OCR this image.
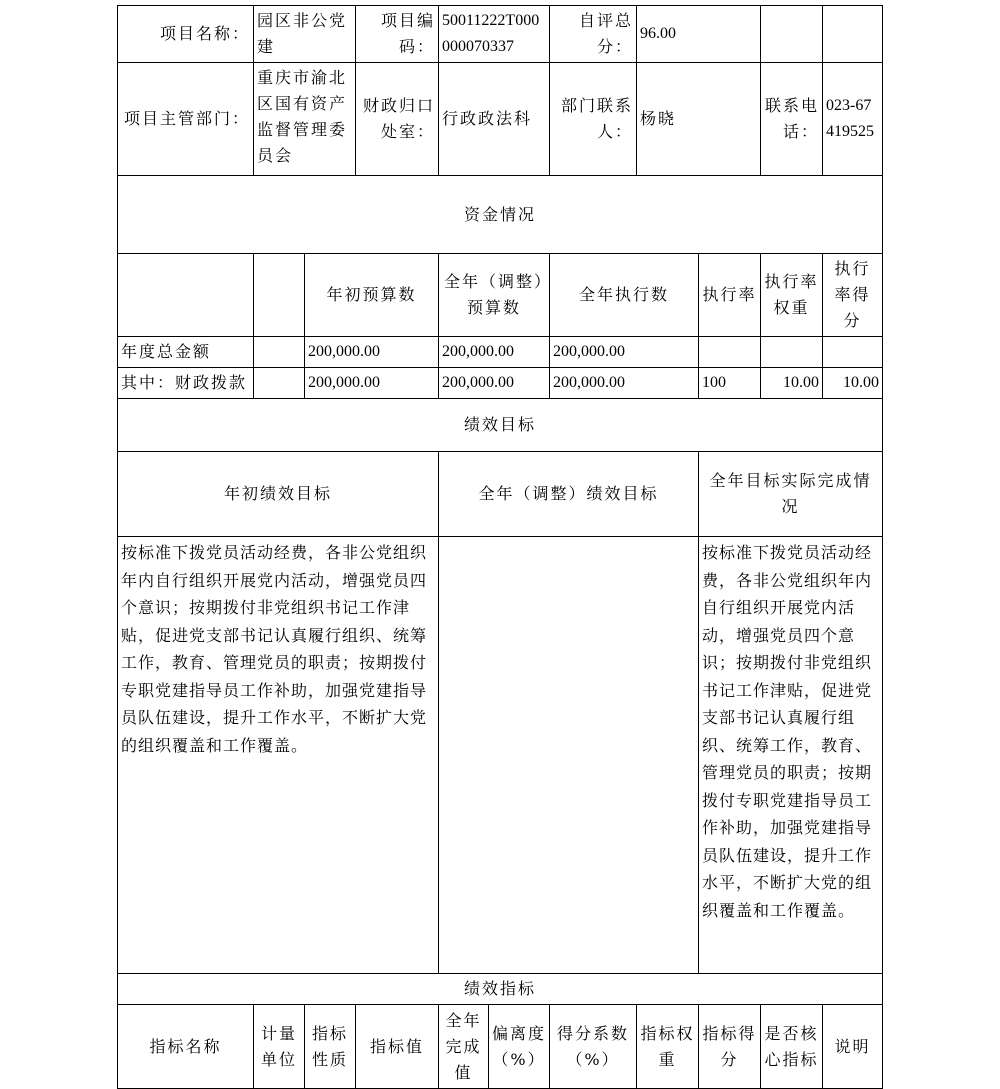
项目名称：	园区非公党建		项目编码：	50011222T000000070337		自评总分：	96.00			
项目主管部门：	重庆市渝北区国有资产监督管理委员会		财政归口处室：	行政政法科		部门联系人：	杨晓		联系电话：	023-67419525
资金情况										
		年初预算数		全年（调整）预算数		全年执行数		执行率	执行率权重	执行率得分
年度总金额		200,000.00		200,000.00		200,000.00				
其中：财政拨款		200,000.00		200,000.00		200,000.00		100	10.00	10.00
绩效目标										
年初绩效目标				全年（调整）绩效目标				全年目标实际完成情况		
按标准下拨党员活动经费，各非公党组织年内自行组织开展党内活动，增强党员四个意识；按期拨付非党组织书记工作津贴，促进党支部书记认真履行组织、统筹工作，教育、管理党员的职责；按期拨付专职党建指导员工作补助，加强党建指导员队伍建设，提升工作水平，不断扩大党的组织覆盖和工作覆盖。								按标准下拨党员活动经费，各非公党组织年内自行组织开展党内活动，增强党员四个意识；按期拨付非党组织书记工作津贴，促进党支部书记认真履行组织、统筹工作，教育、管理党员的职责；按期拨付专职党建指导员工作补助，加强党建指导员队伍建设，提升工作水平，不断扩大党的组织覆盖和工作覆盖。		
绩效指标										
指标名称	计量单位	指标性质	指标值	全年完成值	偏离度（%）	得分系数（%）	指标权重	指标得分	是否核心指标	说明
